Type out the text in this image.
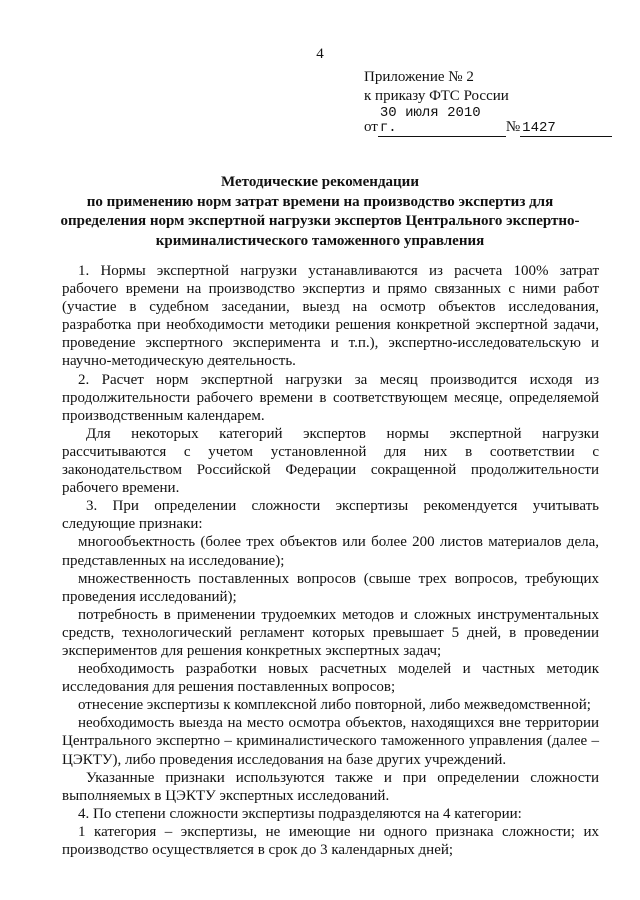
4
Приложение № 2
к приказу ФТС России
от30 июля 2010 г.	№ 1427
Методические рекомендации
по применению норм затрат времени на производство экспертиз для
определения норм экспертной нагрузки экспертов Центрального экспертно-
криминалистического таможенного управления

1. Нормы экспертной нагрузки устанавливаются из расчета 100% затрат рабочего времени на производство экспертиз и прямо связанных с ними работ (участие в судебном заседании, выезд на осмотр объектов исследования, разработка при необходимости методики решения конкретной экспертной задачи, проведение экспертного эксперимента и т.п.), экспертно-исследовательскую и научно-методическую деятельность.

2. Расчет норм экспертной нагрузки за месяц производится исходя из продолжительности рабочего времени в соответствующем месяце, определяемой производственным календарем.

Для некоторых категорий экспертов нормы экспертной нагрузки рассчитываются с учетом установленной для них в соответствии с законодательством Российской Федерации сокращенной продолжительности рабочего времени.

3. При определении сложности экспертизы рекомендуется учитывать следующие признаки:

многообъектность (более трех объектов или более 200 листов материалов дела, представленных на исследование);

множественность поставленных вопросов (свыше трех вопросов, требующих проведения исследований);

потребность в применении трудоемких методов и сложных инструментальных средств, технологический регламент которых превышает 5 дней, в проведении экспериментов для решения конкретных экспертных задач;

необходимость разработки новых расчетных моделей и частных методик исследования для решения поставленных вопросов;

отнесение экспертизы к комплексной либо повторной, либо межведомственной;

необходимость выезда на место осмотра объектов, находящихся вне территории Центрального экспертно – криминалистического таможенного управления (далее – ЦЭКТУ), либо проведения исследования на базе других учреждений.

Указанные признаки используются также и при определении сложности выполняемых в ЦЭКТУ экспертных исследований.

4. По степени сложности экспертизы подразделяются на 4 категории:

1 категория – экспертизы, не имеющие ни одного признака сложности; их производство осуществляется в срок до 3 календарных дней;
